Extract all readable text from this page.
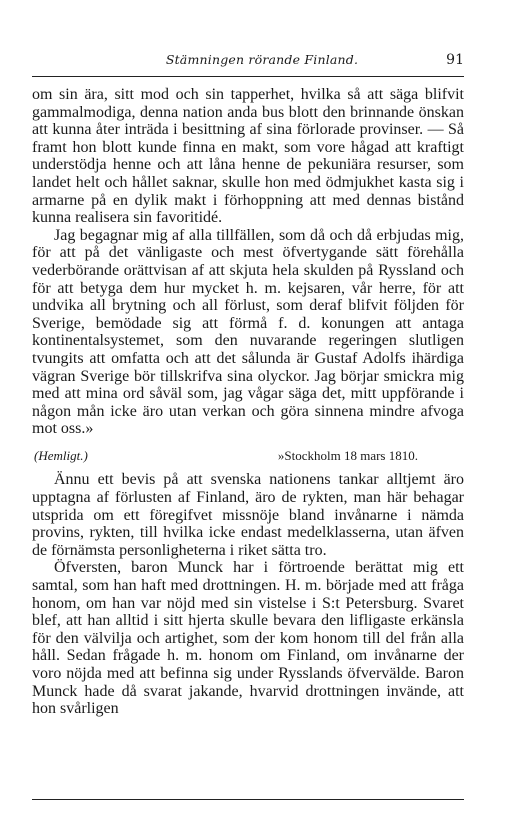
Stämningen rörande Finland.	91

om sin ära, sitt mod och sin tapperhet, hvilka så att säga blifvit gammalmodiga, denna nation anda bus blott den brinnande önskan att kunna åter inträda i besittning af sina förlorade provinser. — Så framt hon blott kunde finna en makt, som vore hågad att kraftigt understödja henne och att låna henne de pekuniära resurser, som landet helt och hållet saknar, skulle hon med ödmjukhet kasta sig i armarne på en dylik makt i förhoppning att med dennas bistånd kunna realisera sin favoritidé.

Jag begagnar mig af alla tillfällen, som då och då erbjudas mig, för att på det vänligaste och mest öfvertygande sätt förehålla vederbörande orättvisan af att skjuta hela skulden på Ryssland och för att betyga dem hur mycket h. m. kejsaren, vår herre, för att undvika all brytning och all förlust, som deraf blifvit följden för Sverige, bemödade sig att förmå f. d. konungen att antaga kontinentalsystemet, som den nuvarande regeringen slutligen tvungits att omfatta och att det sålunda är Gustaf Adolfs ihärdiga vägran Sverige bör tillskrifva sina olyckor. Jag börjar smickra mig med att mina ord såväl som, jag vågar säga det, mitt uppförande i någon mån icke äro utan verkan och göra sinnena mindre afvoga mot oss.»

(Hemligt.)	»Stockholm 18 mars 1810.

Ännu ett bevis på att svenska nationens tankar alltjemt äro upptagna af förlusten af Finland, äro de rykten, man här behagar utsprida om ett föregifvet missnöje bland invånarne i nämda provins, rykten, till hvilka icke endast medelklasserna, utan äfven de förnämsta personligheterna i riket sätta tro.

Öfversten, baron Munck har i förtroende berättat mig ett samtal, som han haft med drottningen. H. m. började med att fråga honom, om han var nöjd med sin vistelse i S:t Petersburg. Svaret blef, att han alltid i sitt hjerta skulle bevara den lifligaste erkänsla för den välvilja och artighet, som der kom honom till del från alla håll. Sedan frågade h. m. honom om Finland, om invånarne der voro nöjda med att befinna sig under Rysslands öfvervälde. Baron Munck hade då svarat jakande, hvarvid drottningen invände, att hon svårligen
